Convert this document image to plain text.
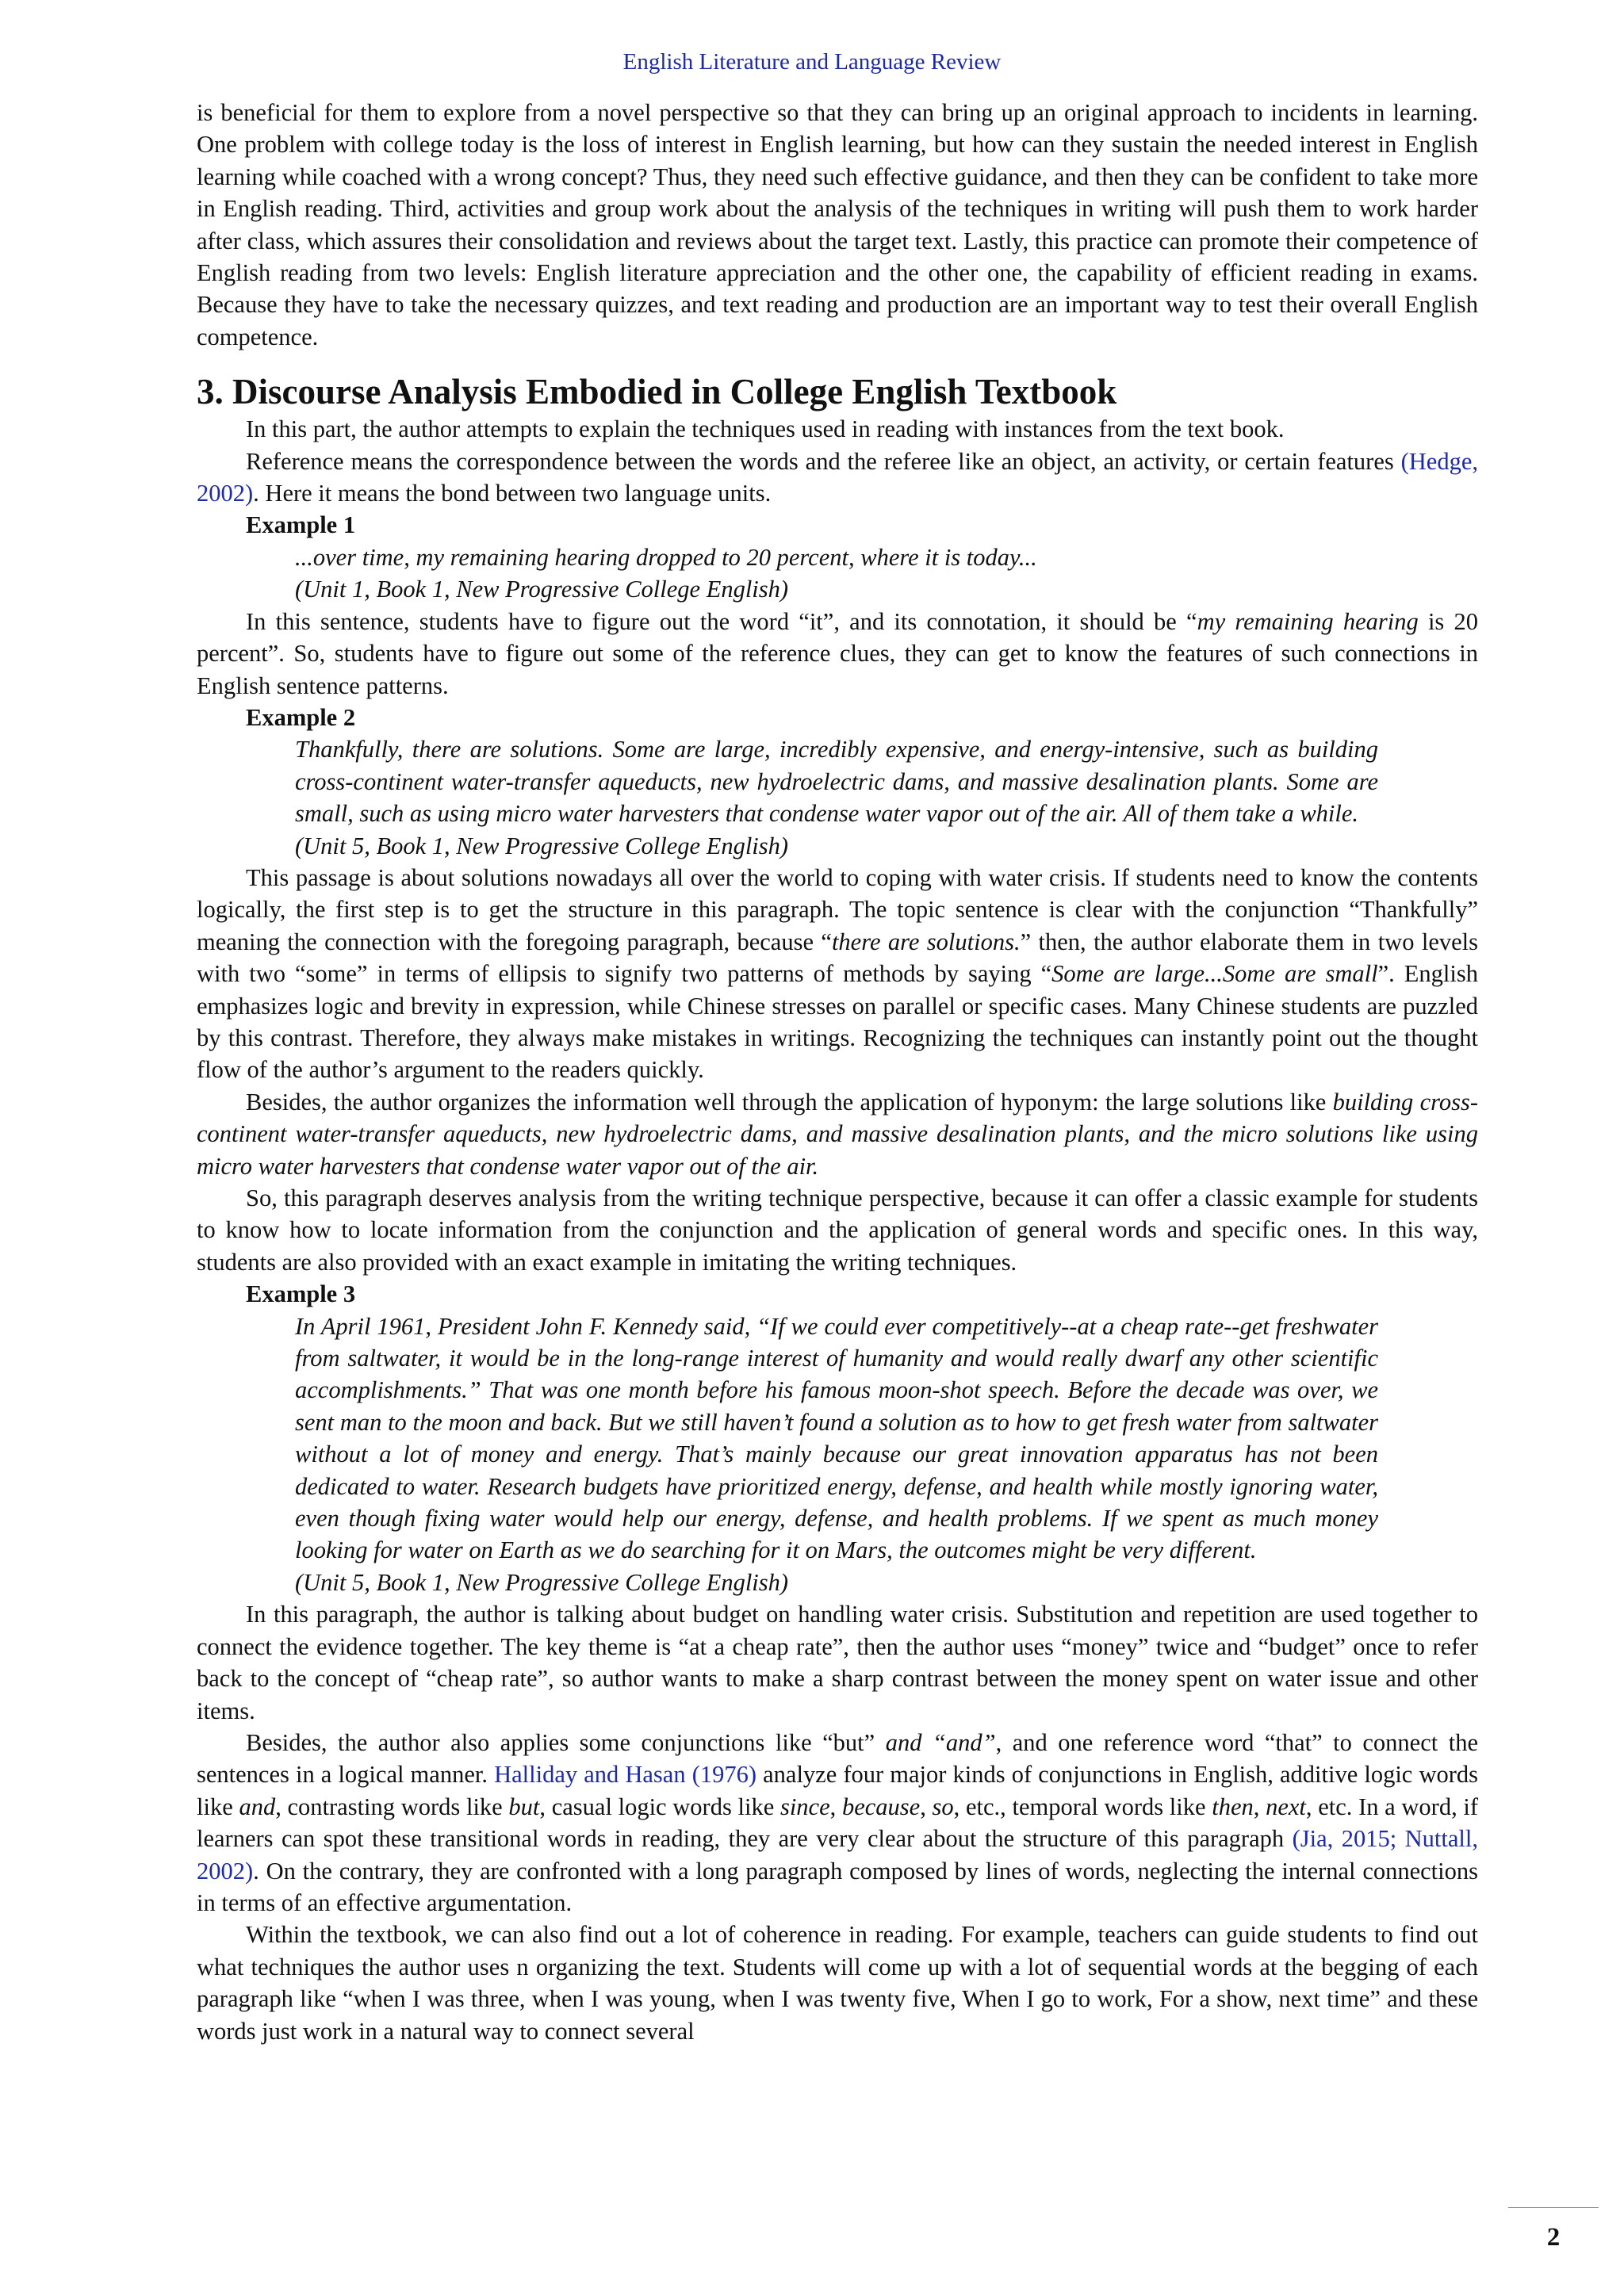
English Literature and Language Review

is beneficial for them to explore from a novel perspective so that they can bring up an original approach to incidents in learning. One problem with college today is the loss of interest in English learning, but how can they sustain the needed interest in English learning while coached with a wrong concept? Thus, they need such effective guidance, and then they can be confident to take more in English reading. Third, activities and group work about the analysis of the techniques in writing will push them to work harder after class, which assures their consolidation and reviews about the target text. Lastly, this practice can promote their competence of English reading from two levels: English literature appreciation and the other one, the capability of efficient reading in exams. Because they have to take the necessary quizzes, and text reading and production are an important way to test their overall English competence.

3. Discourse Analysis Embodied in College English Textbook

In this part, the author attempts to explain the techniques used in reading with instances from the text book.

Reference means the correspondence between the words and the referee like an object, an activity, or certain features (Hedge, 2002). Here it means the bond between two language units.

Example 1

...over time, my remaining hearing dropped to 20 percent, where it is today...

(Unit 1, Book 1, New Progressive College English)

In this sentence, students have to figure out the word “it”, and its connotation, it should be “my remaining hearing is 20 percent”. So, students have to figure out some of the reference clues, they can get to know the features of such connections in English sentence patterns.

Example 2

Thankfully, there are solutions. Some are large, incredibly expensive, and energy-intensive, such as building cross-continent water-transfer aqueducts, new hydroelectric dams, and massive desalination plants. Some are small, such as using micro water harvesters that condense water vapor out of the air. All of them take a while.

(Unit 5, Book 1, New Progressive College English)

This passage is about solutions nowadays all over the world to coping with water crisis. If students need to know the contents logically, the first step is to get the structure in this paragraph. The topic sentence is clear with the conjunction “Thankfully” meaning the connection with the foregoing paragraph, because “there are solutions.” then, the author elaborate them in two levels with two “some” in terms of ellipsis to signify two patterns of methods by saying “Some are large...Some are small”. English emphasizes logic and brevity in expression, while Chinese stresses on parallel or specific cases. Many Chinese students are puzzled by this contrast. Therefore, they always make mistakes in writings. Recognizing the techniques can instantly point out the thought flow of the author’s argument to the readers quickly.

Besides, the author organizes the information well through the application of hyponym: the large solutions like building cross-continent water-transfer aqueducts, new hydroelectric dams, and massive desalination plants, and the micro solutions like using micro water harvesters that condense water vapor out of the air.

So, this paragraph deserves analysis from the writing technique perspective, because it can offer a classic example for students to know how to locate information from the conjunction and the application of general words and specific ones. In this way, students are also provided with an exact example in imitating the writing techniques.

Example 3

In April 1961, President John F. Kennedy said, “If we could ever competitively--at a cheap rate--get freshwater from saltwater, it would be in the long-range interest of humanity and would really dwarf any other scientific accomplishments.” That was one month before his famous moon-shot speech. Before the decade was over, we sent man to the moon and back. But we still haven’t found a solution as to how to get fresh water from saltwater without a lot of money and energy. That’s mainly because our great innovation apparatus has not been dedicated to water. Research budgets have prioritized energy, defense, and health while mostly ignoring water, even though fixing water would help our energy, defense, and health problems. If we spent as much money looking for water on Earth as we do searching for it on Mars, the outcomes might be very different.

(Unit 5, Book 1, New Progressive College English)

In this paragraph, the author is talking about budget on handling water crisis. Substitution and repetition are used together to connect the evidence together. The key theme is “at a cheap rate”, then the author uses “money” twice and “budget” once to refer back to the concept of “cheap rate”, so author wants to make a sharp contrast between the money spent on water issue and other items.

Besides, the author also applies some conjunctions like “but” and “and”, and one reference word “that” to connect the sentences in a logical manner. Halliday and Hasan (1976) analyze four major kinds of conjunctions in English, additive logic words like and, contrasting words like but, casual logic words like since, because, so, etc., temporal words like then, next, etc. In a word, if learners can spot these transitional words in reading, they are very clear about the structure of this paragraph (Jia, 2015; Nuttall, 2002). On the contrary, they are confronted with a long paragraph composed by lines of words, neglecting the internal connections in terms of an effective argumentation.

Within the textbook, we can also find out a lot of coherence in reading. For example, teachers can guide students to find out what techniques the author uses n organizing the text. Students will come up with a lot of sequential words at the begging of each paragraph like “when I was three, when I was young, when I was twenty five, When I go to work, For a show, next time” and these words just work in a natural way to connect several

2
